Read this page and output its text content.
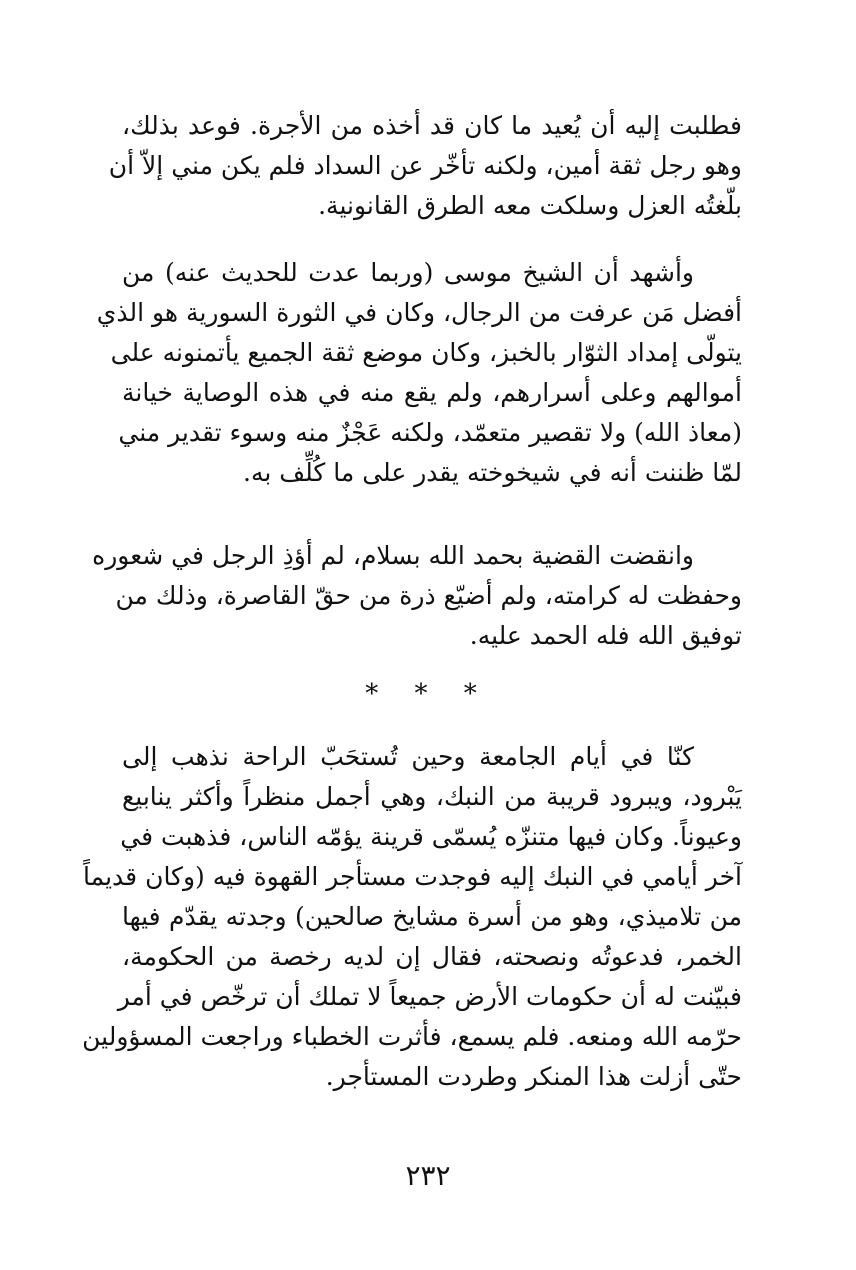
فطلبت إليه أن يُعيد ما كان قد أخذه من الأجرة. فوعد بذلك،
وهو رجل ثقة أمين، ولكنه تأخّر عن السداد فلم يكن مني إلاّ أن
بلّغتُه العزل وسلكت معه الطرق القانونية.
وأشهد أن الشيخ موسى (وربما عدت للحديث عنه) من
أفضل مَن عرفت من الرجال، وكان في الثورة السورية هو الذي
يتولّى إمداد الثوّار بالخبز، وكان موضع ثقة الجميع يأتمنونه على
أموالهم وعلى أسرارهم، ولم يقع منه في هذه الوصاية خيانة
(معاذ الله) ولا تقصير متعمّد، ولكنه عَجْزٌ منه وسوء تقدير مني
لمّا ظننت أنه في شيخوخته يقدر على ما كُلِّف به.
وانقضت القضية بحمد الله بسلام، لم أؤذِ الرجل في شعوره
وحفظت له كرامته، ولم أضيّع ذرة من حقّ القاصرة، وذلك من
توفيق الله فله الحمد عليه.
* * *
كنّا في أيام الجامعة وحين تُستحَبّ الراحة نذهب إلى
يَبْرود، ويبرود قريبة من النبك، وهي أجمل منظراً وأكثر ينابيع
وعيوناً. وكان فيها متنزّه يُسمّى قرينة يؤمّه الناس، فذهبت في
آخر أيامي في النبك إليه فوجدت مستأجر القهوة فيه (وكان قديماً
من تلاميذي، وهو من أسرة مشايخ صالحين) وجدته يقدّم فيها
الخمر، فدعوتُه ونصحته، فقال إن لديه رخصة من الحكومة،
فبيّنت له أن حكومات الأرض جميعاً لا تملك أن ترخّص في أمر
حرّمه الله ومنعه. فلم يسمع، فأثرت الخطباء وراجعت المسؤولين
حتّى أزلت هذا المنكر وطردت المستأجر.
٢٣٢
